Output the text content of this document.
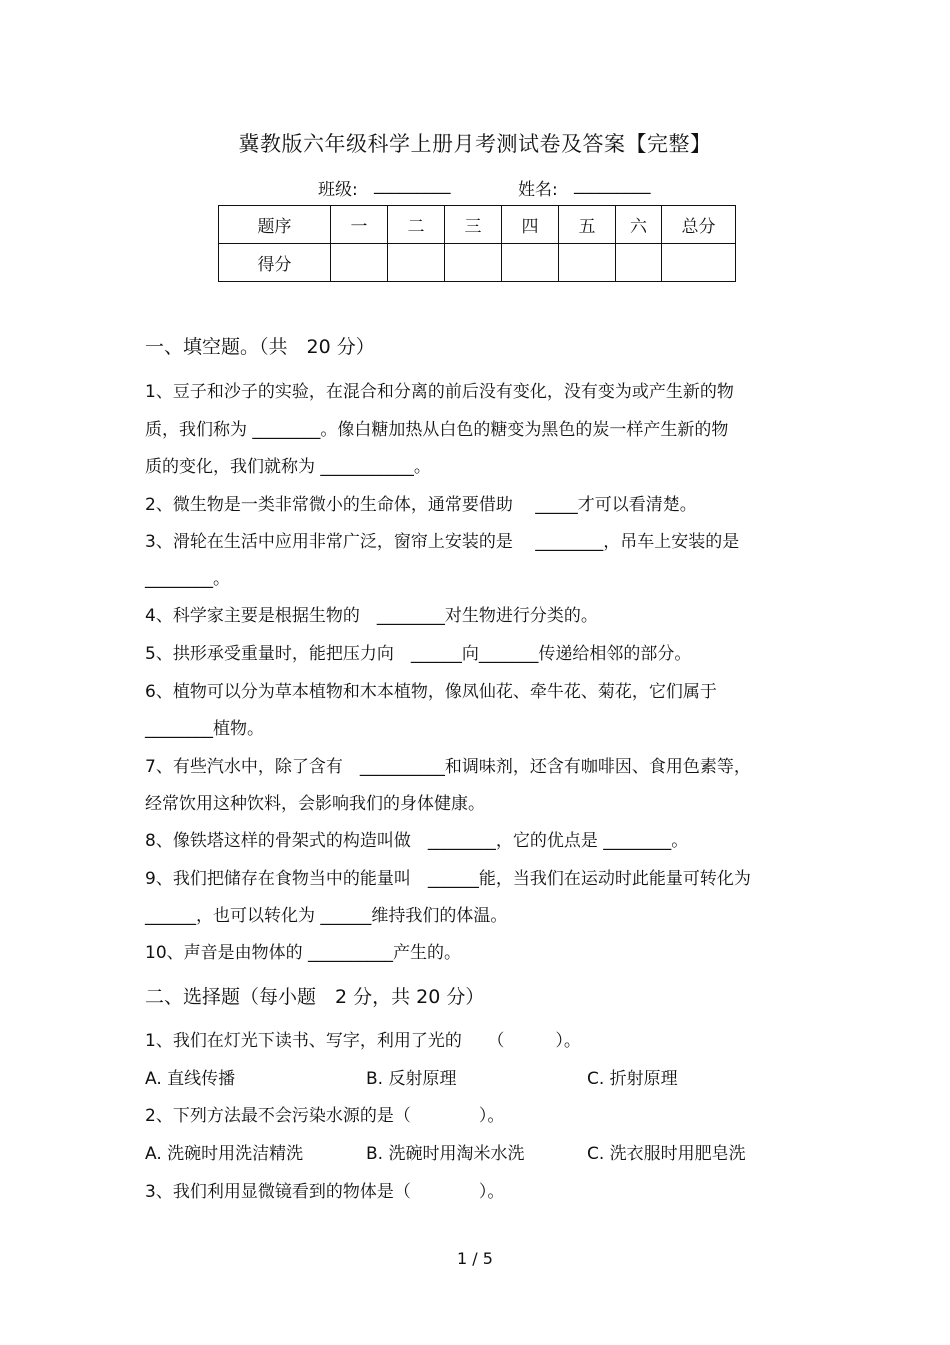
冀教版六年级科学上册月考测试卷及答案【完整】
班级: _________	姓名: _________
题序	一	二	三	四	五	六	总分
得分							
一、填空题。（共　20 分）
1、豆子和沙子的实验，在混合和分离的前后没有变化，没有变为或产生新的物
质，我们称为 ________。像白糖加热从白色的糖变为黑色的炭一样产生新的物
质的变化，我们就称为 ___________。
2、微生物是一类非常微小的生命体，通常要借助　 _____才可以看清楚。
3、滑轮在生活中应用非常广泛，窗帘上安装的是　 ________，吊车上安装的是
________。
4、科学家主要是根据生物的　________对生物进行分类的。
5、拱形承受重量时，能把压力向　______向_______传递给相邻的部分。
6、植物可以分为草本植物和木本植物，像凤仙花、牵牛花、菊花，它们属于
________植物。
7、有些汽水中，除了含有　__________和调味剂，还含有咖啡因、食用色素等，
经常饮用这种饮料，会影响我们的身体健康。
8、像铁塔这样的骨架式的构造叫做　________，它的优点是 ________。
9、我们把储存在食物当中的能量叫　______能，当我们在运动时此能量可转化为
______，也可以转化为 ______维持我们的体温。
10、声音是由物体的 __________产生的。
二、选择题（每小题　2 分，共 20 分）
1、我们在灯光下读书、写字，利用了光的　　（　　　）。
A. 直线传播	B. 反射原理	C. 折射原理
2、下列方法最不会污染水源的是（　　　　）。
A. 洗碗时用洗洁精洗	B. 洗碗时用淘米水洗	C. 洗衣服时用肥皂洗
3、我们利用显微镜看到的物体是（　　　　）。
1 / 5
